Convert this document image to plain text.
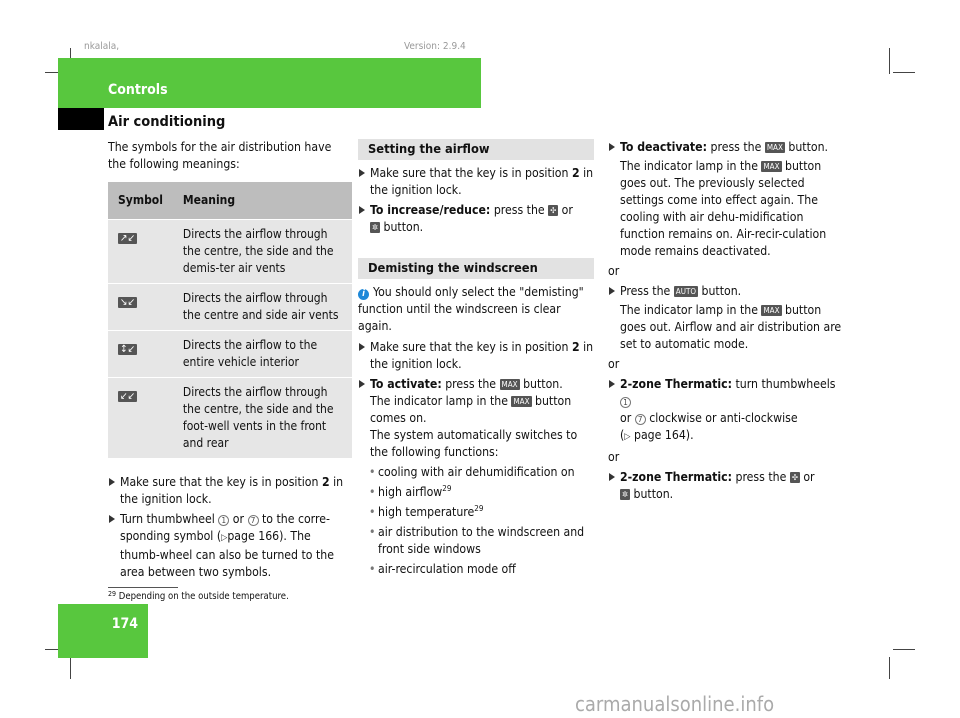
nkalala,	Version: 2.9.4
Controls
Air conditioning

The symbols for the air distribution have the following meanings:

Symbol	Meaning
↗↙	Directs the airflow through the centre, the side and the demis-ter air vents
↘↙	Directs the airflow through the centre and side air vents
↕↙	Directs the airflow to the entire vehicle interior
↙↙	Directs the airflow through the centre, the side and the foot-well vents in the front and rear

Make sure that the key is in position 2 in the ignition lock.

Turn thumbwheel 1 or 7 to the corre-sponding symbol (▷page 166). The thumb-wheel can also be turned to the area between two symbols.

Setting the airflow

Make sure that the key is in position 2 in the ignition lock.

To increase/reduce: press the ✣ or
✲ button.

Demisting the windscreen

i You should only select the "demisting" function until the windscreen is clear again.

Make sure that the key is in position 2 in the ignition lock.

To activate: press the MAX button.

The indicator lamp in the MAX button comes on.

The system automatically switches to the following functions:

• cooling with air dehumidification on

• high airflow$^{29}$

• high temperature$^{29}$

• air distribution to the windscreen and front side windows

• air-recirculation mode off

To deactivate: press the MAX button.

The indicator lamp in the MAX button goes out. The previously selected settings come into effect again. The cooling with air dehu-midification function remains on. Air-recir-culation mode remains deactivated.

or

Press the AUTO button.

The indicator lamp in the MAX button goes out. Airflow and air distribution are set to automatic mode.

or

2-zone Thermatic: turn thumbwheels 1
or 7 clockwise or anti-clockwise
(▷ page 164).

or

2-zone Thermatic: press the ✣ or
✲ button.

$^{29}$ Depending on the outside temperature.
174
carmanualsonline.info
